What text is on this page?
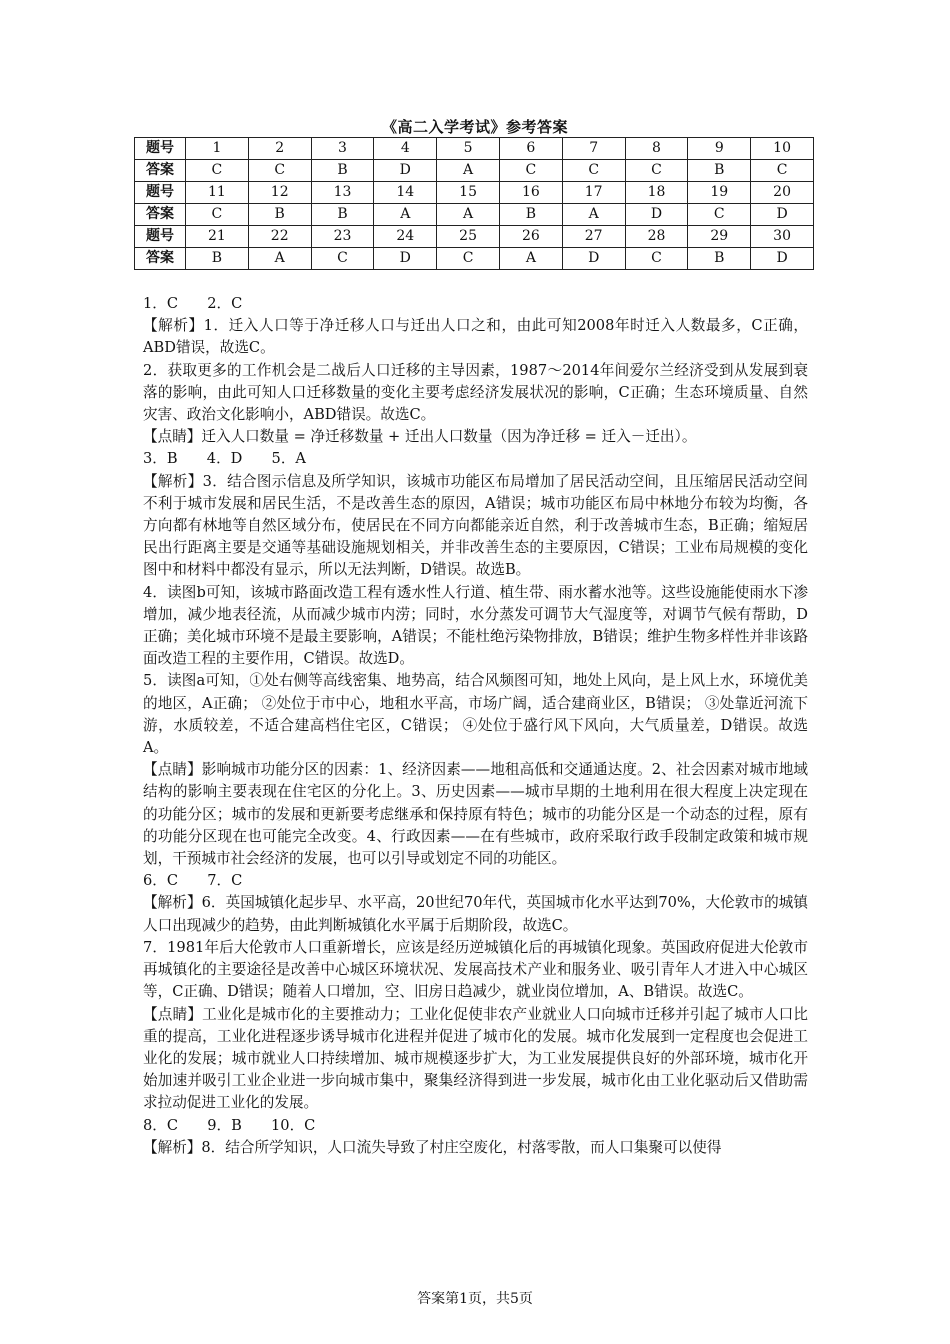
《高二入学考试》参考答案
题号	1	2	3	4	5	6	7	8	9	10
答案	C	C	B	D	A	C	C	C	B	C
题号	11	12	13	14	15	16	17	18	19	20
答案	C	B	B	A	A	B	A	D	C	D
题号	21	22	23	24	25	26	27	28	29	30
答案	B	A	C	D	C	A	D	C	B	D

1．C　　2．C

【解析】1．迁入人口等于净迁移人口与迁出人口之和，由此可知2008年时迁入人数最多，C正确，ABD错误，故选C。

2．获取更多的工作机会是二战后人口迁移的主导因素，1987～2014年间爱尔兰经济受到从发展到衰落的影响，由此可知人口迁移数量的变化主要考虑经济发展状况的影响，C正确；生态环境质量、自然灾害、政治文化影响小，ABD错误。故选C。

【点睛】迁入人口数量 = 净迁移数量 + 迁出人口数量（因为净迁移 = 迁入－迁出）。

3．B　　4．D　　5．A

【解析】3．结合图示信息及所学知识，该城市功能区布局增加了居民活动空间，且压缩居民活动空间不利于城市发展和居民生活，不是改善生态的原因，A错误；城市功能区布局中林地分布较为均衡，各方向都有林地等自然区域分布，使居民在不同方向都能亲近自然，利于改善城市生态，B正确；缩短居民出行距离主要是交通等基础设施规划相关，并非改善生态的主要原因，C错误；工业布局规模的变化图中和材料中都没有显示，所以无法判断，D错误。故选B。

4．读图b可知，该城市路面改造工程有透水性人行道、植生带、雨水蓄水池等。这些设施能使雨水下渗增加，减少地表径流，从而减少城市内涝；同时，水分蒸发可调节大气湿度等，对调节气候有帮助，D正确；美化城市环境不是最主要影响，A错误；不能杜绝污染物排放，B错误；维护生物多样性并非该路面改造工程的主要作用，C错误。故选D。

5．读图a可知，①处右侧等高线密集、地势高，结合风频图可知，地处上风向，是上风上水，环境优美的地区，A正确； ②处位于市中心，地租水平高，市场广阔，适合建商业区，B错误； ③处靠近河流下游，水质较差，不适合建高档住宅区，C错误； ④处位于盛行风下风向，大气质量差，D错误。故选A。

【点睛】影响城市功能分区的因素：1、经济因素——地租高低和交通通达度。2、社会因素对城市地域结构的影响主要表现在住宅区的分化上。3、历史因素——城市早期的土地利用在很大程度上决定现在的功能分区；城市的发展和更新要考虑继承和保持原有特色；城市的功能分区是一个动态的过程，原有的功能分区现在也可能完全改变。4、行政因素——在有些城市，政府采取行政手段制定政策和城市规划，干预城市社会经济的发展，也可以引导或划定不同的功能区。

6．C　　7．C

【解析】6．英国城镇化起步早、水平高，20世纪70年代，英国城市化水平达到70%，大伦敦市的城镇人口出现减少的趋势，由此判断城镇化水平属于后期阶段，故选C。

7．1981年后大伦敦市人口重新增长，应该是经历逆城镇化后的再城镇化现象。英国政府促进大伦敦市再城镇化的主要途径是改善中心城区环境状况、发展高技术产业和服务业、吸引青年人才进入中心城区等，C正确、D错误；随着人口增加，空、旧房日趋减少，就业岗位增加，A、B错误。故选C。

【点睛】工业化是城市化的主要推动力；工业化促使非农产业就业人口向城市迁移并引起了城市人口比重的提高，工业化进程逐步诱导城市化进程并促进了城市化的发展。城市化发展到一定程度也会促进工业化的发展；城市就业人口持续增加、城市规模逐步扩大，为工业发展提供良好的外部环境，城市化开始加速并吸引工业企业进一步向城市集中，聚集经济得到进一步发展，城市化由工业化驱动后又借助需求拉动促进工业化的发展。

8．C　　9．B　　10．C

【解析】8．结合所学知识，人口流失导致了村庄空废化，村落零散，而人口集聚可以使得

答案第1页，共5页
